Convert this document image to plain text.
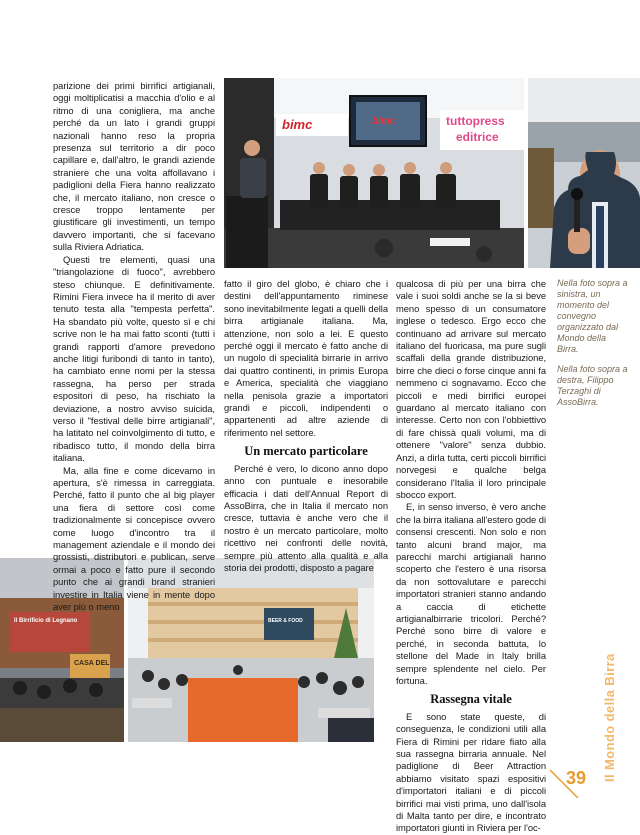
bimc	bimc	tuttopress
editrice
Il Birrificio di Legnano
CASA DEL
BEER & FOOD

parizione dei primi birrifici artigianali, oggi moltiplicatisi a macchia d'olio e al ritmo di una conigliera, ma anche perché da un lato i grandi gruppi nazionali hanno reso la propria presenza sul territorio a dir poco capillare e, dall'altro, le grandi aziende straniere che una volta affollavano i padiglioni della Fiera hanno realizzato che, il mercato italiano, non cresce o cresce troppo lentamente per giustificare gli investimenti, un tempo davvero importanti, che si facevano sulla Riviera Adriatica.

Questi tre elementi, quasi una "triangolazione di fuoco", avrebbero steso chiunque. E definitivamente. Rimini Fiera invece ha il merito di aver tenuto testa alla "tempesta perfetta". Ha sbandato più volte, questo sì e chi scrive non le ha mai fatto sconti (tutti i grandi rapporti d'amore prevedono anche litigi furibondi di tanto in tanto), ha cambiato enne nomi per la stessa rassegna, ha perso per strada espositori di peso, ha rischiato la deviazione, a nostro avviso suicida, verso il "festival delle birre artigianali", ha latitato nel coinvolgimento di tutto, e ribadisco tutto, il mondo della birra italiana.

Ma, alla fine e come dicevamo in apertura, s'è rimessa in carreggiata. Perché, fatto il punto che al big player una fiera di settore così come tradizionalmente si concepisce ovvero come luogo d'incontro tra il management aziendale e il mondo dei grossisti, distributori e publican, serve ormai a poco e fatto pure il secondo punto che ai grandi brand stranieri investire in Italia viene in mente dopo aver più o meno

fatto il giro del globo, è chiaro che i destini dell'appuntamento riminese sono inevitabilmente legati a quelli della birra artigianale italiana. Ma, attenzione, non solo a lei. E questo perché oggi il mercato è fatto anche di un nugolo di specialità birrarie in arrivo dai quattro continenti, in primis Europa e America, specialità che viaggiano nella penisola grazie a importatori grandi e piccoli, indipendenti o appartenenti ad altre aziende di riferimento nel settore.

Un mercato particolare

Perché è vero, lo dicono anno dopo anno con puntuale e inesorabile efficacia i dati dell'Annual Report di AssoBirra, che in Italia il mercato non cresce, tuttavia è anche vero che il nostro è un mercato particolare, molto ricettivo nei confronti delle novità, sempre più attento alla qualità e alla storia dei prodotti, disposto a pagare

qualcosa di più per una birra che vale i suoi soldi anche se la si beve meno spesso di un consumatore inglese o tedesco. Ergo ecco che continuano ad arrivare sul mercato italiano del fuoricasa, ma pure sugli scaffali della grande distribuzione, birre che dieci o forse cinque anni fa nemmeno ci sognavamo. Ecco che piccoli e medi birrifici europei guardano al mercato italiano con interesse. Certo non con l'obbiettivo di fare chissà quali volumi, ma di ottenere "valore" senza dubbio. Anzi, a dirla tutta, certi piccoli birrifici norvegesi e qualche belga considerano l'Italia il loro principale sbocco export.

E, in senso inverso, è vero anche che la birra italiana all'estero gode di consensi crescenti. Non solo e non tanto alcuni brand major, ma parecchi marchi artigianali hanno scoperto che l'estero è una risorsa da non sottovalutare e parecchi importatori stranieri stanno andando a caccia di etichette artigianalbirrarie tricolori. Perché? Perché sono birre di valore e perché, in seconda battuta, lo stellone del Made in Italy brilla sempre splendente nel cielo. Per fortuna.

Rassegna vitale

E sono state queste, di conseguenza, le condizioni utili alla Fiera di Rimini per ridare fiato alla sua rassegna birraria annuale. Nel padiglione di Beer Attraction abbiamo visitato spazi espositivi d'importatori italiani e di piccoli birrifici mai visti prima, uno dall'isola di Malta tanto per dire, e incontrato importatori giunti in Riviera per l'oc-

Nella foto sopra a sinistra, un momento del convegno organizzato dal Mondo della Birra.

Nella foto sopra a destra, Filippo Terzaghi di AssoBirra.

Il Mondo della Birra
39
